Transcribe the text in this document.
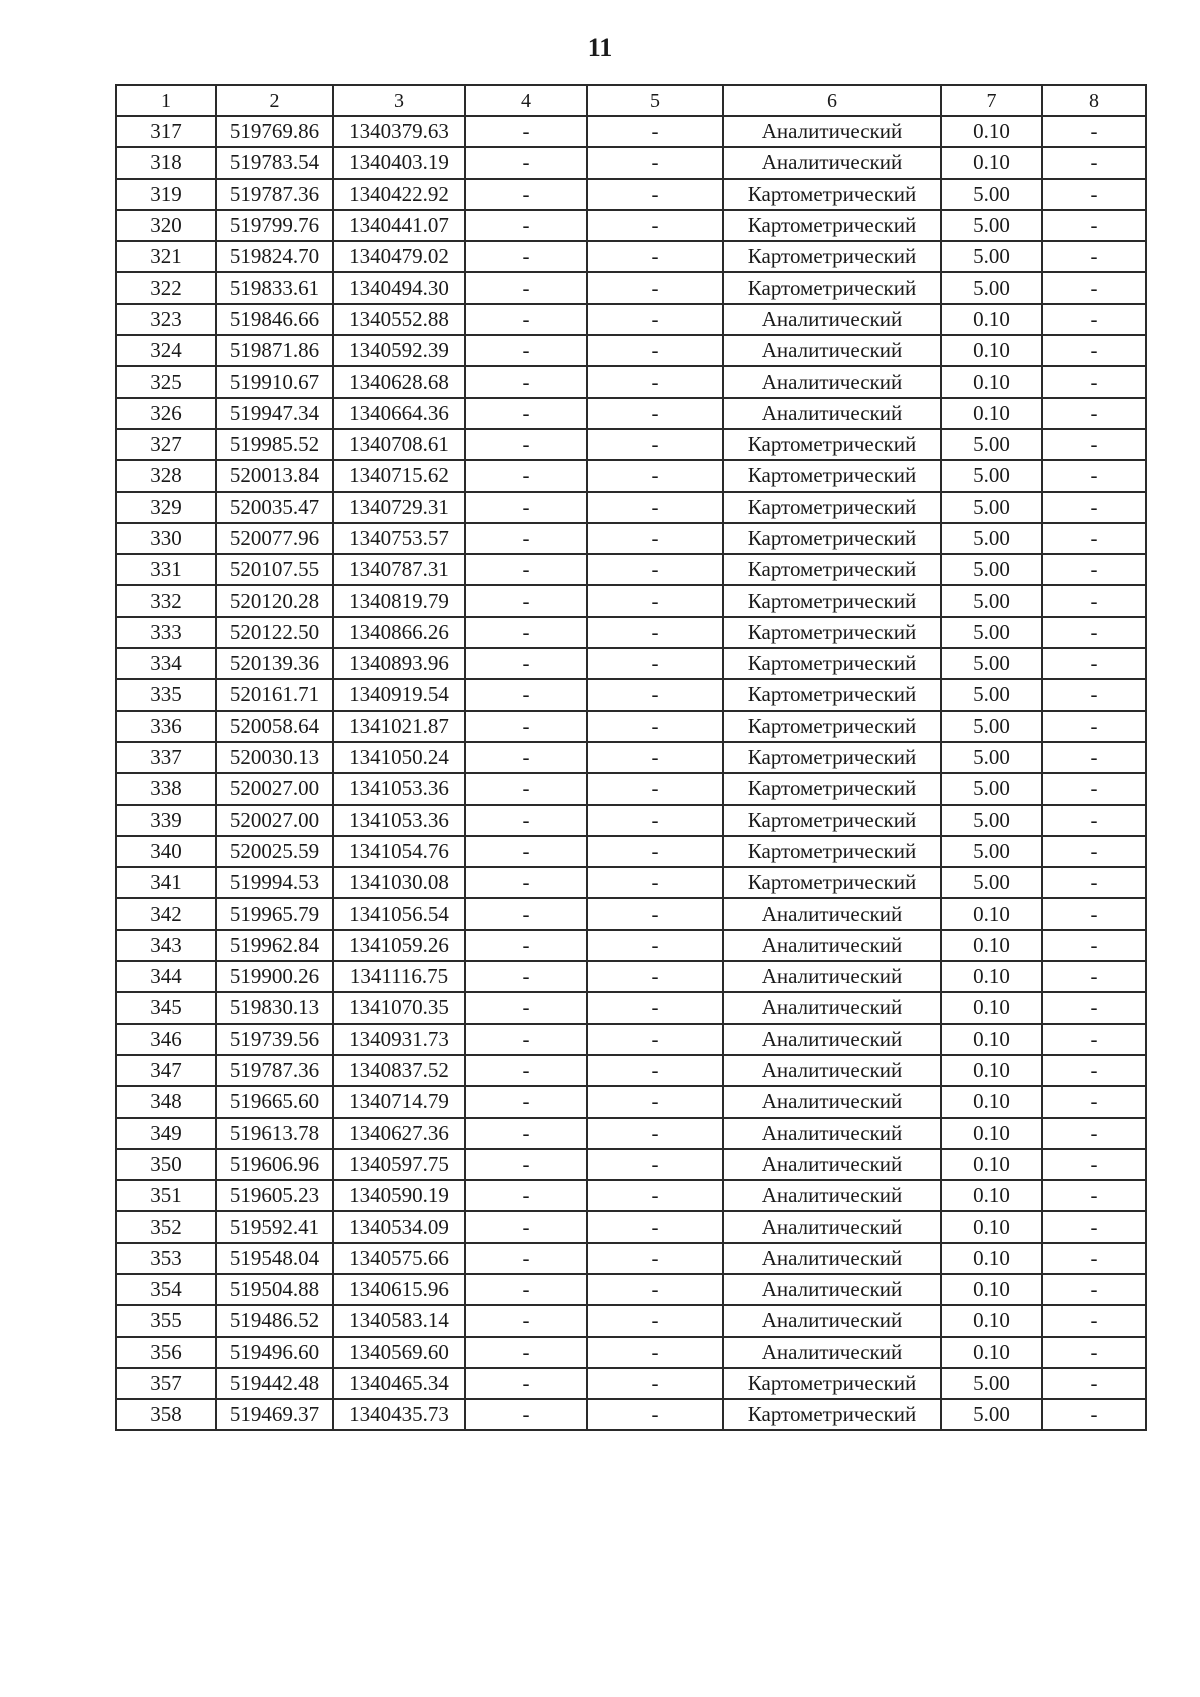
11
1	2	3	4	5	6	7	8
317	519769.86	1340379.63	-	-	Аналитический	0.10	-
318	519783.54	1340403.19	-	-	Аналитический	0.10	-
319	519787.36	1340422.92	-	-	Картометрический	5.00	-
320	519799.76	1340441.07	-	-	Картометрический	5.00	-
321	519824.70	1340479.02	-	-	Картометрический	5.00	-
322	519833.61	1340494.30	-	-	Картометрический	5.00	-
323	519846.66	1340552.88	-	-	Аналитический	0.10	-
324	519871.86	1340592.39	-	-	Аналитический	0.10	-
325	519910.67	1340628.68	-	-	Аналитический	0.10	-
326	519947.34	1340664.36	-	-	Аналитический	0.10	-
327	519985.52	1340708.61	-	-	Картометрический	5.00	-
328	520013.84	1340715.62	-	-	Картометрический	5.00	-
329	520035.47	1340729.31	-	-	Картометрический	5.00	-
330	520077.96	1340753.57	-	-	Картометрический	5.00	-
331	520107.55	1340787.31	-	-	Картометрический	5.00	-
332	520120.28	1340819.79	-	-	Картометрический	5.00	-
333	520122.50	1340866.26	-	-	Картометрический	5.00	-
334	520139.36	1340893.96	-	-	Картометрический	5.00	-
335	520161.71	1340919.54	-	-	Картометрический	5.00	-
336	520058.64	1341021.87	-	-	Картометрический	5.00	-
337	520030.13	1341050.24	-	-	Картометрический	5.00	-
338	520027.00	1341053.36	-	-	Картометрический	5.00	-
339	520027.00	1341053.36	-	-	Картометрический	5.00	-
340	520025.59	1341054.76	-	-	Картометрический	5.00	-
341	519994.53	1341030.08	-	-	Картометрический	5.00	-
342	519965.79	1341056.54	-	-	Аналитический	0.10	-
343	519962.84	1341059.26	-	-	Аналитический	0.10	-
344	519900.26	1341116.75	-	-	Аналитический	0.10	-
345	519830.13	1341070.35	-	-	Аналитический	0.10	-
346	519739.56	1340931.73	-	-	Аналитический	0.10	-
347	519787.36	1340837.52	-	-	Аналитический	0.10	-
348	519665.60	1340714.79	-	-	Аналитический	0.10	-
349	519613.78	1340627.36	-	-	Аналитический	0.10	-
350	519606.96	1340597.75	-	-	Аналитический	0.10	-
351	519605.23	1340590.19	-	-	Аналитический	0.10	-
352	519592.41	1340534.09	-	-	Аналитический	0.10	-
353	519548.04	1340575.66	-	-	Аналитический	0.10	-
354	519504.88	1340615.96	-	-	Аналитический	0.10	-
355	519486.52	1340583.14	-	-	Аналитический	0.10	-
356	519496.60	1340569.60	-	-	Аналитический	0.10	-
357	519442.48	1340465.34	-	-	Картометрический	5.00	-
358	519469.37	1340435.73	-	-	Картометрический	5.00	-
